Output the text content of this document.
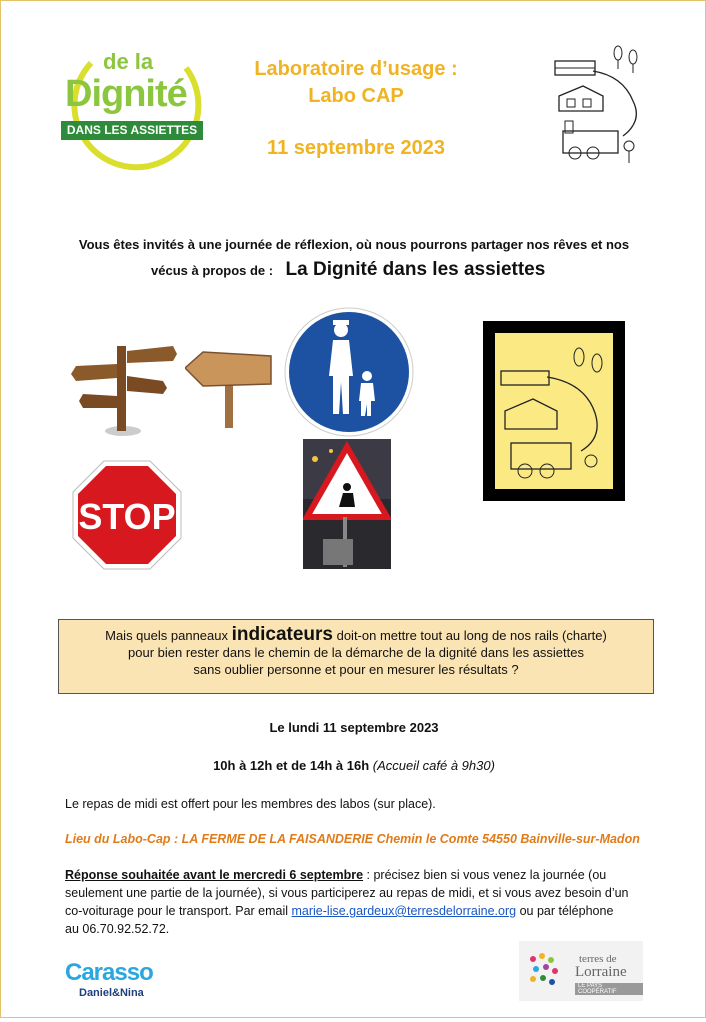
de la
Dignité
DANS LES ASSIETTES
Laboratoire d’usage :
Labo CAP
11 septembre 2023
Vous êtes invités à une journée de réflexion, où nous pourrons partager nos rêves et nos
vécus à propos de : La Dignité dans les assiettes
STOP
Mais quels panneaux indicateurs doit-on mettre tout au long de nos rails (charte)
pour bien rester dans le chemin de la démarche de la dignité dans les assiettes
sans oublier personne et pour en mesurer les résultats ?
Le lundi 11 septembre 2023
10h à 12h et de 14h à 16h (Accueil café à 9h30)
Le repas de midi est offert pour les membres des labos (sur place).
Lieu du Labo-Cap : LA FERME DE LA FAISANDERIE Chemin le Comte 54550 Bainville-sur-Madon
Réponse souhaitée avant le mercredi 6 septembre : précisez bien si vous venez la journée (ou
seulement une partie de la journée), si vous participerez au repas de midi, et si vous avez besoin d’un
co-voiturage pour le transport. Par email marie-lise.gardeux@terresdelorraine.org ou par téléphone
au 06.70.92.52.72.
Carasso
Daniel&Nina
terres de
Lorraine
LE PAYS COOPÉRATIF
